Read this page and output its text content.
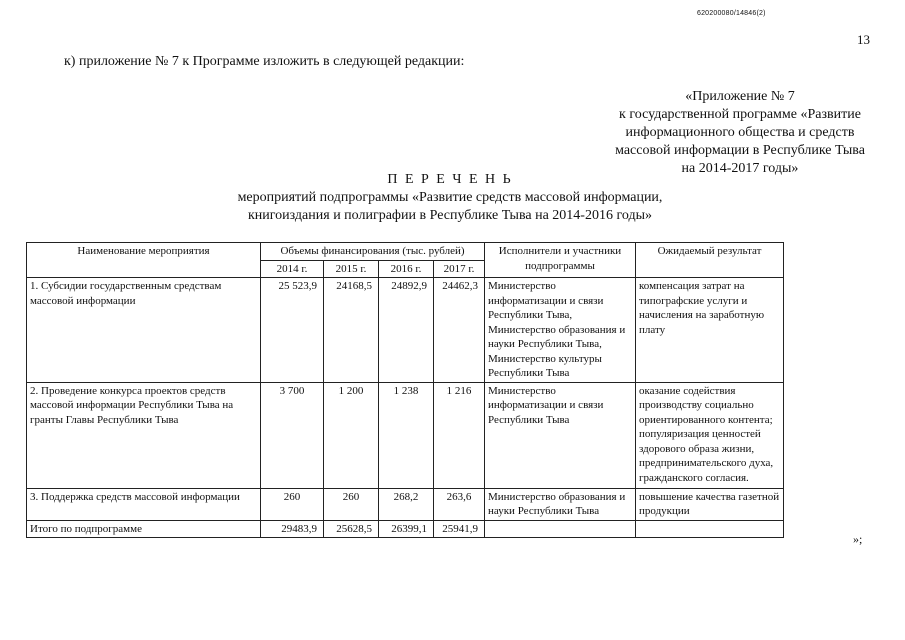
620200080/14846(2)
13
к) приложение № 7 к Программе изложить в следующей редакции:
«Приложение № 7
к государственной программе «Развитие
информационного общества и средств
массовой информации в Республике Тыва
на 2014-2017 годы»
П Е Р Е Ч Е Н Ь
мероприятий подпрограммы «Развитие средств массовой информации,
книгоиздания и полиграфии в Республике Тыва на 2014-2016 годы»
Наименование мероприятия	Объемы финансирования (тыс. рублей)				Исполнители и участники подпрограммы	Ожидаемый результат
	2014 г.	2015 г.	2016 г.	2017 г.		
1. Субсидии государственным средствам массовой информации	25 523,9	24168,5	24892,9	24462,3	Министерство информатизации и связи Республики Тыва, Министерство образования и науки Республики Тыва, Министерство культуры Республики Тыва	компенсация затрат на типографские услуги и начисления на заработную плату
2. Проведение конкурса проектов средств массовой информации Республики Тыва на гранты Главы Республики Тыва	3 700	1 200	1 238	1 216	Министерство информатизации и связи Республики Тыва	оказание содействия производству социально ориентированного контента; популяризация ценностей здорового образа жизни, предпринимательского духа, гражданского согласия.
3. Поддержка средств массовой информации	260	260	268,2	263,6	Министерство образования и науки Республики Тыва	повышение качества газетной продукции
Итого по подпрограмме	29483,9	25628,5	26399,1	25941,9		
»;
